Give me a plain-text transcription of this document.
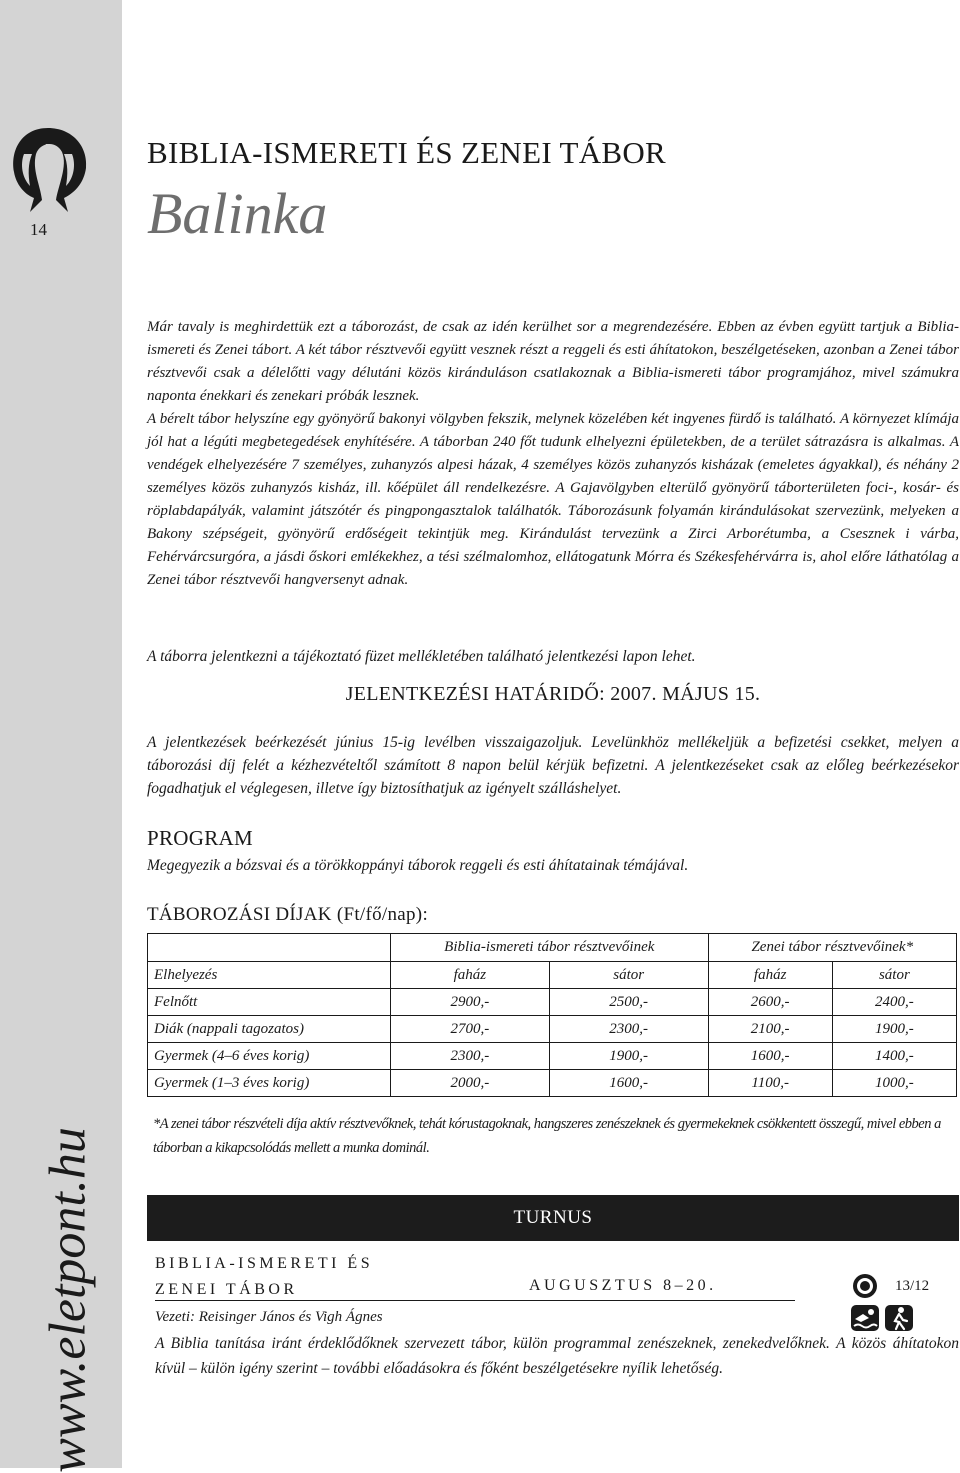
14
www.eletpont.hu
BIBLIA-ISMERETI ÉS ZENEI TÁBOR
Balinka

Már tavaly is meghirdettük ezt a táborozást, de csak az idén kerülhet sor a megrendezésére. Ebben az évben együtt tartjuk a Biblia-ismereti és Zenei tábort. A két tábor résztvevői együtt vesznek részt a reggeli és esti áhítatokon, beszélgetéseken, azonban a Zenei tábor résztvevői csak a délelőtti vagy délutáni közös kiránduláson csatlakoznak a Biblia-ismereti tábor programjához, mivel számukra naponta énekkari és zenekari próbák lesznek.

A bérelt tábor helyszíne egy gyönyörű bakonyi völgyben fekszik, melynek közelében két ingyenes fürdő is található. A környezet klímája jól hat a légúti megbetegedések enyhítésére. A táborban 240 főt tudunk elhelyezni épületekben, de a terület sátrazásra is alkalmas. A vendégek elhelyezésére 7 személyes, zuhanyzós alpesi házak, 4 személyes közös zuhanyzós kisházak (emeletes ágyakkal), és néhány 2 személyes közös zuhanyzós kisház, ill. kőépület áll rendelkezésre. A Gajavölgyben elterülő gyönyörű táborterületen foci-, kosár- és röplabdapályák, valamint játszótér és pingpongasztalok találhatók. Táborozásunk folyamán kirándulásokat szervezünk, melyeken a Bakony szépségeit, gyönyörű erdőségeit tekintjük meg. Kirándulást tervezünk a Zirci Arborétumba, a Csesznek i várba, Fehérvárcsurgóra, a jásdi őskori emlékekhez, a tési szélmalomhoz, ellátogatunk Mórra és Székesfehérvárra is, ahol előre láthatólag a Zenei tábor résztvevői hangversenyt adnak.

A táborra jelentkezni a tájékoztató füzet mellékletében található jelentkezési lapon lehet.
JELENTKEZÉSI HATÁRIDŐ: 2007. MÁJUS 15.
A jelentkezések beérkezését június 15-ig levélben visszaigazoljuk. Levelünkhöz mellékeljük a befizetési csekket, melyen a táborozási díj felét a kézhezvételtől számított 8 napon belül kérjük befizetni. A jelentkezéseket csak az előleg beérkezésekor fogadhatjuk el véglegesen, illetve így biztosíthatjuk az igényelt szálláshelyet.
PROGRAM
Megegyezik a bózsvai és a törökkoppányi táborok reggeli és esti áhítatainak témájával.
TÁBOROZÁSI DÍJAK (Ft/fő/nap):
	Biblia-ismereti tábor résztvevőinek		Zenei tábor résztvevőinek*	
Elhelyezés	faház	sátor	faház	sátor
Felnőtt	2900,-	2500,-	2600,-	2400,-
Diák (nappali tagozatos)	2700,-	2300,-	2100,-	1900,-
Gyermek (4–6 éves korig)	2300,-	1900,-	1600,-	1400,-
Gyermek (1–3 éves korig)	2000,-	1600,-	1100,-	1000,-
*A zenei tábor részvételi díja aktív résztvevőknek, tehát kórustagoknak, hangszeres zenészeknek és gyermekeknek csökkentett összegű, mivel ebben a táborban a kikapcsolódás mellett a munka dominál.
TURNUS
BIBLIA-ISMERETI ÉS
ZENEI TÁBOR	AUGUSZTUS 8–20.	13/12
Vezeti: Reisinger János és Vigh Ágnes
A Biblia tanítása iránt érdeklődőknek szervezett tábor, külön programmal zenészeknek, zenekedvelőknek. A közös áhítatokon kívül – külön igény szerint – további előadásokra és főként beszélgetésekre nyílik lehetőség.
